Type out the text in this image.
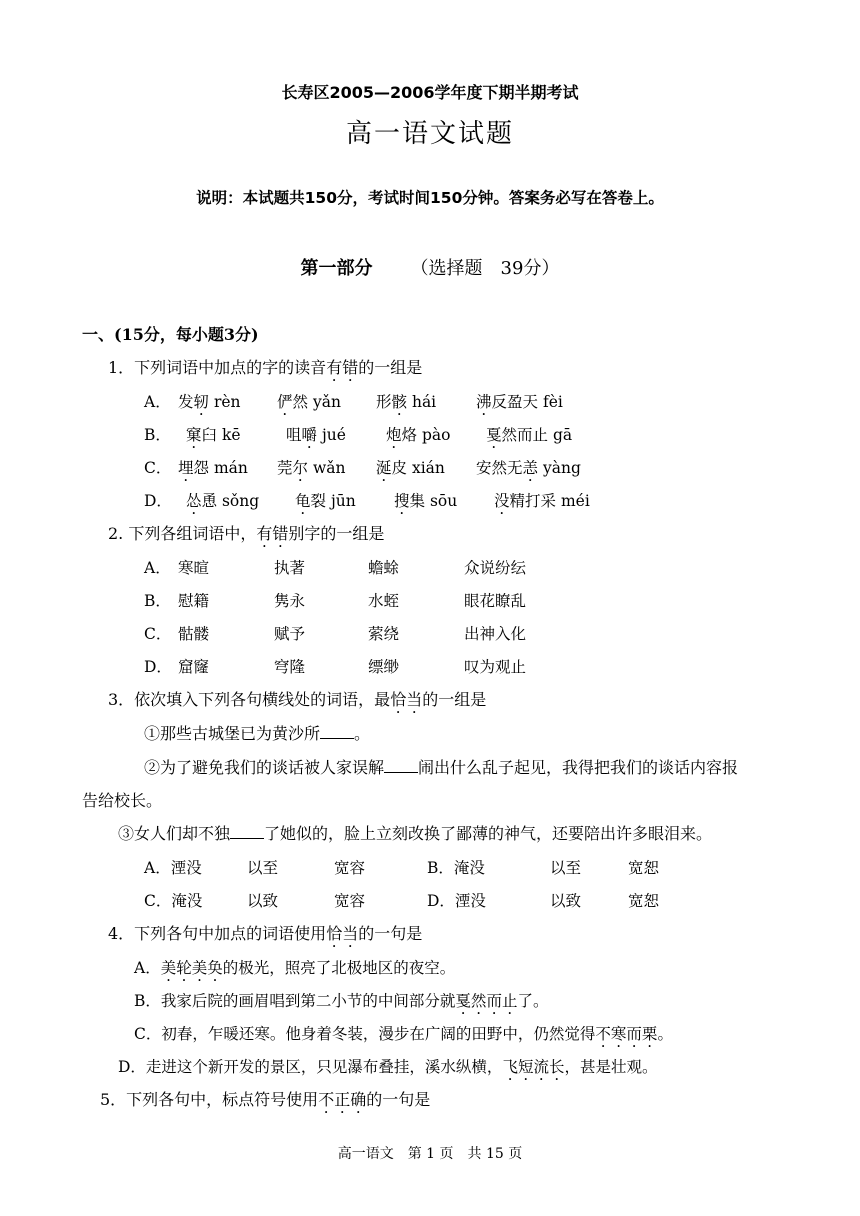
长寿区2005—2006学年度下期半期考试
高一语文试题
说明：本试题共150分，考试时间150分钟。答案务必写在答卷上。
第一部分 （选择题　39分）
一、(15分，每小题3分)
1．下列词语中加点的字的读音有错的一组是
A． 发轫 rèn 俨然 yǎn 形骸 hái	沸反盈天 fèi
B． 窠臼 kē	咀嚼 jué	炮烙 pào 戛然而止 gā
C． 埋怨 mán 莞尔 wǎn 涎皮 xián 安然无恙 yàng
D． 怂恿 sǒng 龟裂 jūn 搜集 sōu 没精打采 méi
2. 下列各组词语中，有错别字的一组是
A． 寒暄	执著	蟾蜍	众说纷纭
B． 慰籍	隽永	水蛭	眼花瞭乱
C． 骷髅	赋予	萦绕	出神入化
D． 窟窿	穹隆	缥缈	叹为观止
3．依次填入下列各句横线处的词语，最恰当的一组是
①那些古城堡已为黄沙所 。
②为了避免我们的谈话被人家误解 闹出什么乱子起见，我得把我们的谈话内容报
告给校长。
③女人们却不独 了她似的，脸上立刻改换了鄙薄的神气，还要陪出许多眼泪来。
A．湮没	以至	宽容	B．淹没	以至	宽恕
C．淹没	以致	宽容	D．湮没	以致	宽恕
4．下列各句中加点的词语使用恰当的一句是
A．美轮美奂的极光，照亮了北极地区的夜空。
B．我家后院的画眉唱到第二小节的中间部分就戛然而止了。
C．初春，乍暖还寒。他身着冬装，漫步在广阔的田野中，仍然觉得不寒而栗。
D．走进这个新开发的景区，只见瀑布叠挂，溪水纵横，飞短流长，甚是壮观。
5．下列各句中，标点符号使用不正确的一句是
高一语文　第 1 页　共 15 页
